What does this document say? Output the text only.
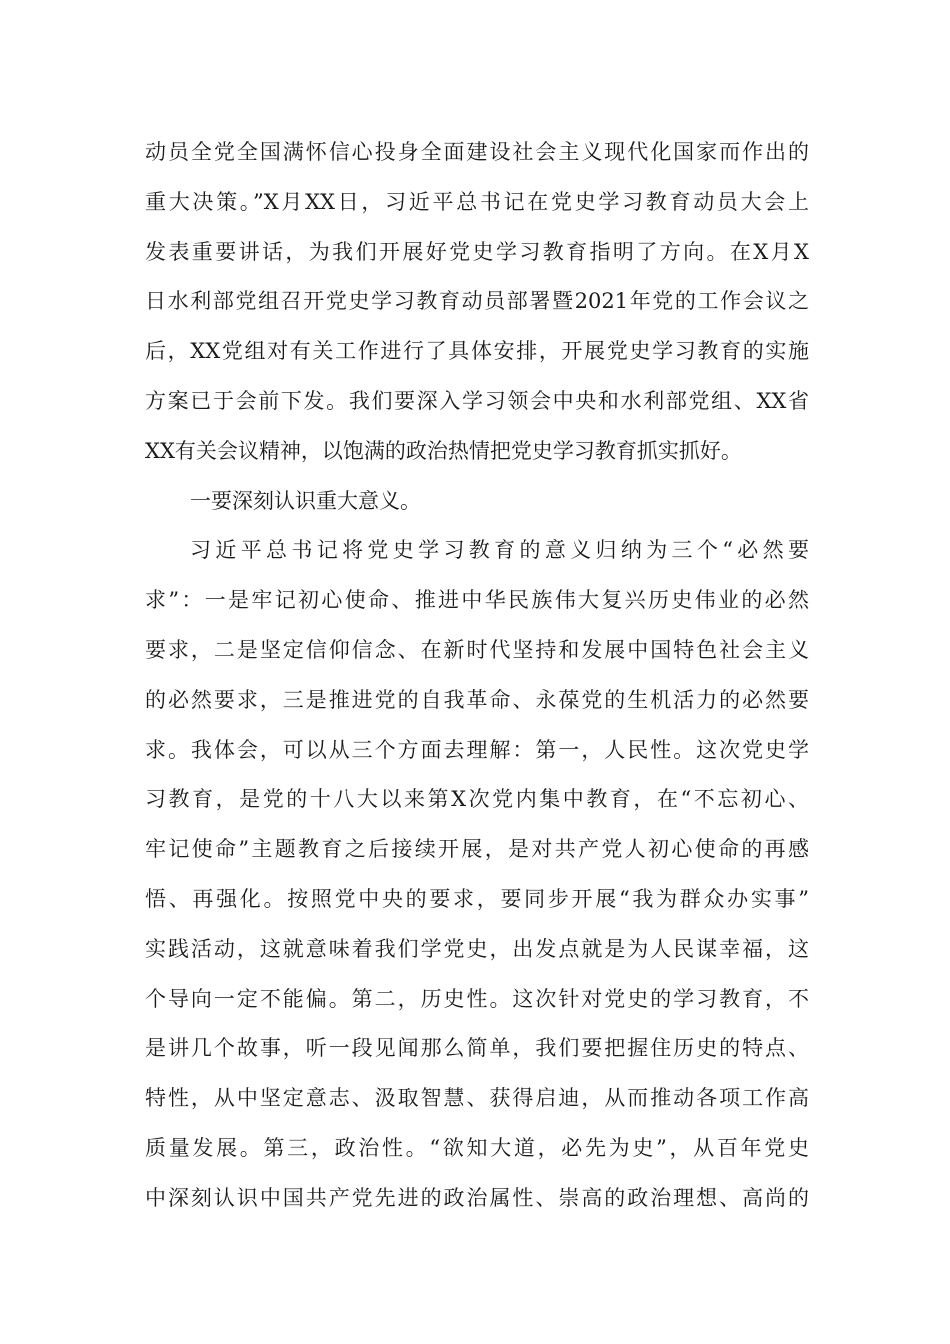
动员全党全国满怀信心投身全面建设社会主义现代化国家而作出的
重大决策。”X月XX日，习近平总书记在党史学习教育动员大会上
发表重要讲话，为我们开展好党史学习教育指明了方向。在X月X
日水利部党组召开党史学习教育动员部署暨2021年党的工作会议之
后，XX党组对有关工作进行了具体安排，开展党史学习教育的实施
方案已于会前下发。我们要深入学习领会中央和水利部党组、XX省
XX有关会议精神，以饱满的政治热情把党史学习教育抓实抓好。
一要深刻认识重大意义。
习近平总书记将党史学习教育的意义归纳为三个“必然要
求”：一是牢记初心使命、推进中华民族伟大复兴历史伟业的必然
要求，二是坚定信仰信念、在新时代坚持和发展中国特色社会主义
的必然要求，三是推进党的自我革命、永葆党的生机活力的必然要
求。我体会，可以从三个方面去理解：第一，人民性。这次党史学
习教育，是党的十八大以来第X次党内集中教育，在“不忘初心、
牢记使命”主题教育之后接续开展，是对共产党人初心使命的再感
悟、再强化。按照党中央的要求，要同步开展“我为群众办实事”
实践活动，这就意味着我们学党史，出发点就是为人民谋幸福，这
个导向一定不能偏。第二，历史性。这次针对党史的学习教育，不
是讲几个故事，听一段见闻那么简单，我们要把握住历史的特点、
特性，从中坚定意志、汲取智慧、获得启迪，从而推动各项工作高
质量发展。第三，政治性。“欲知大道，必先为史”，从百年党史
中深刻认识中国共产党先进的政治属性、崇高的政治理想、高尚的
